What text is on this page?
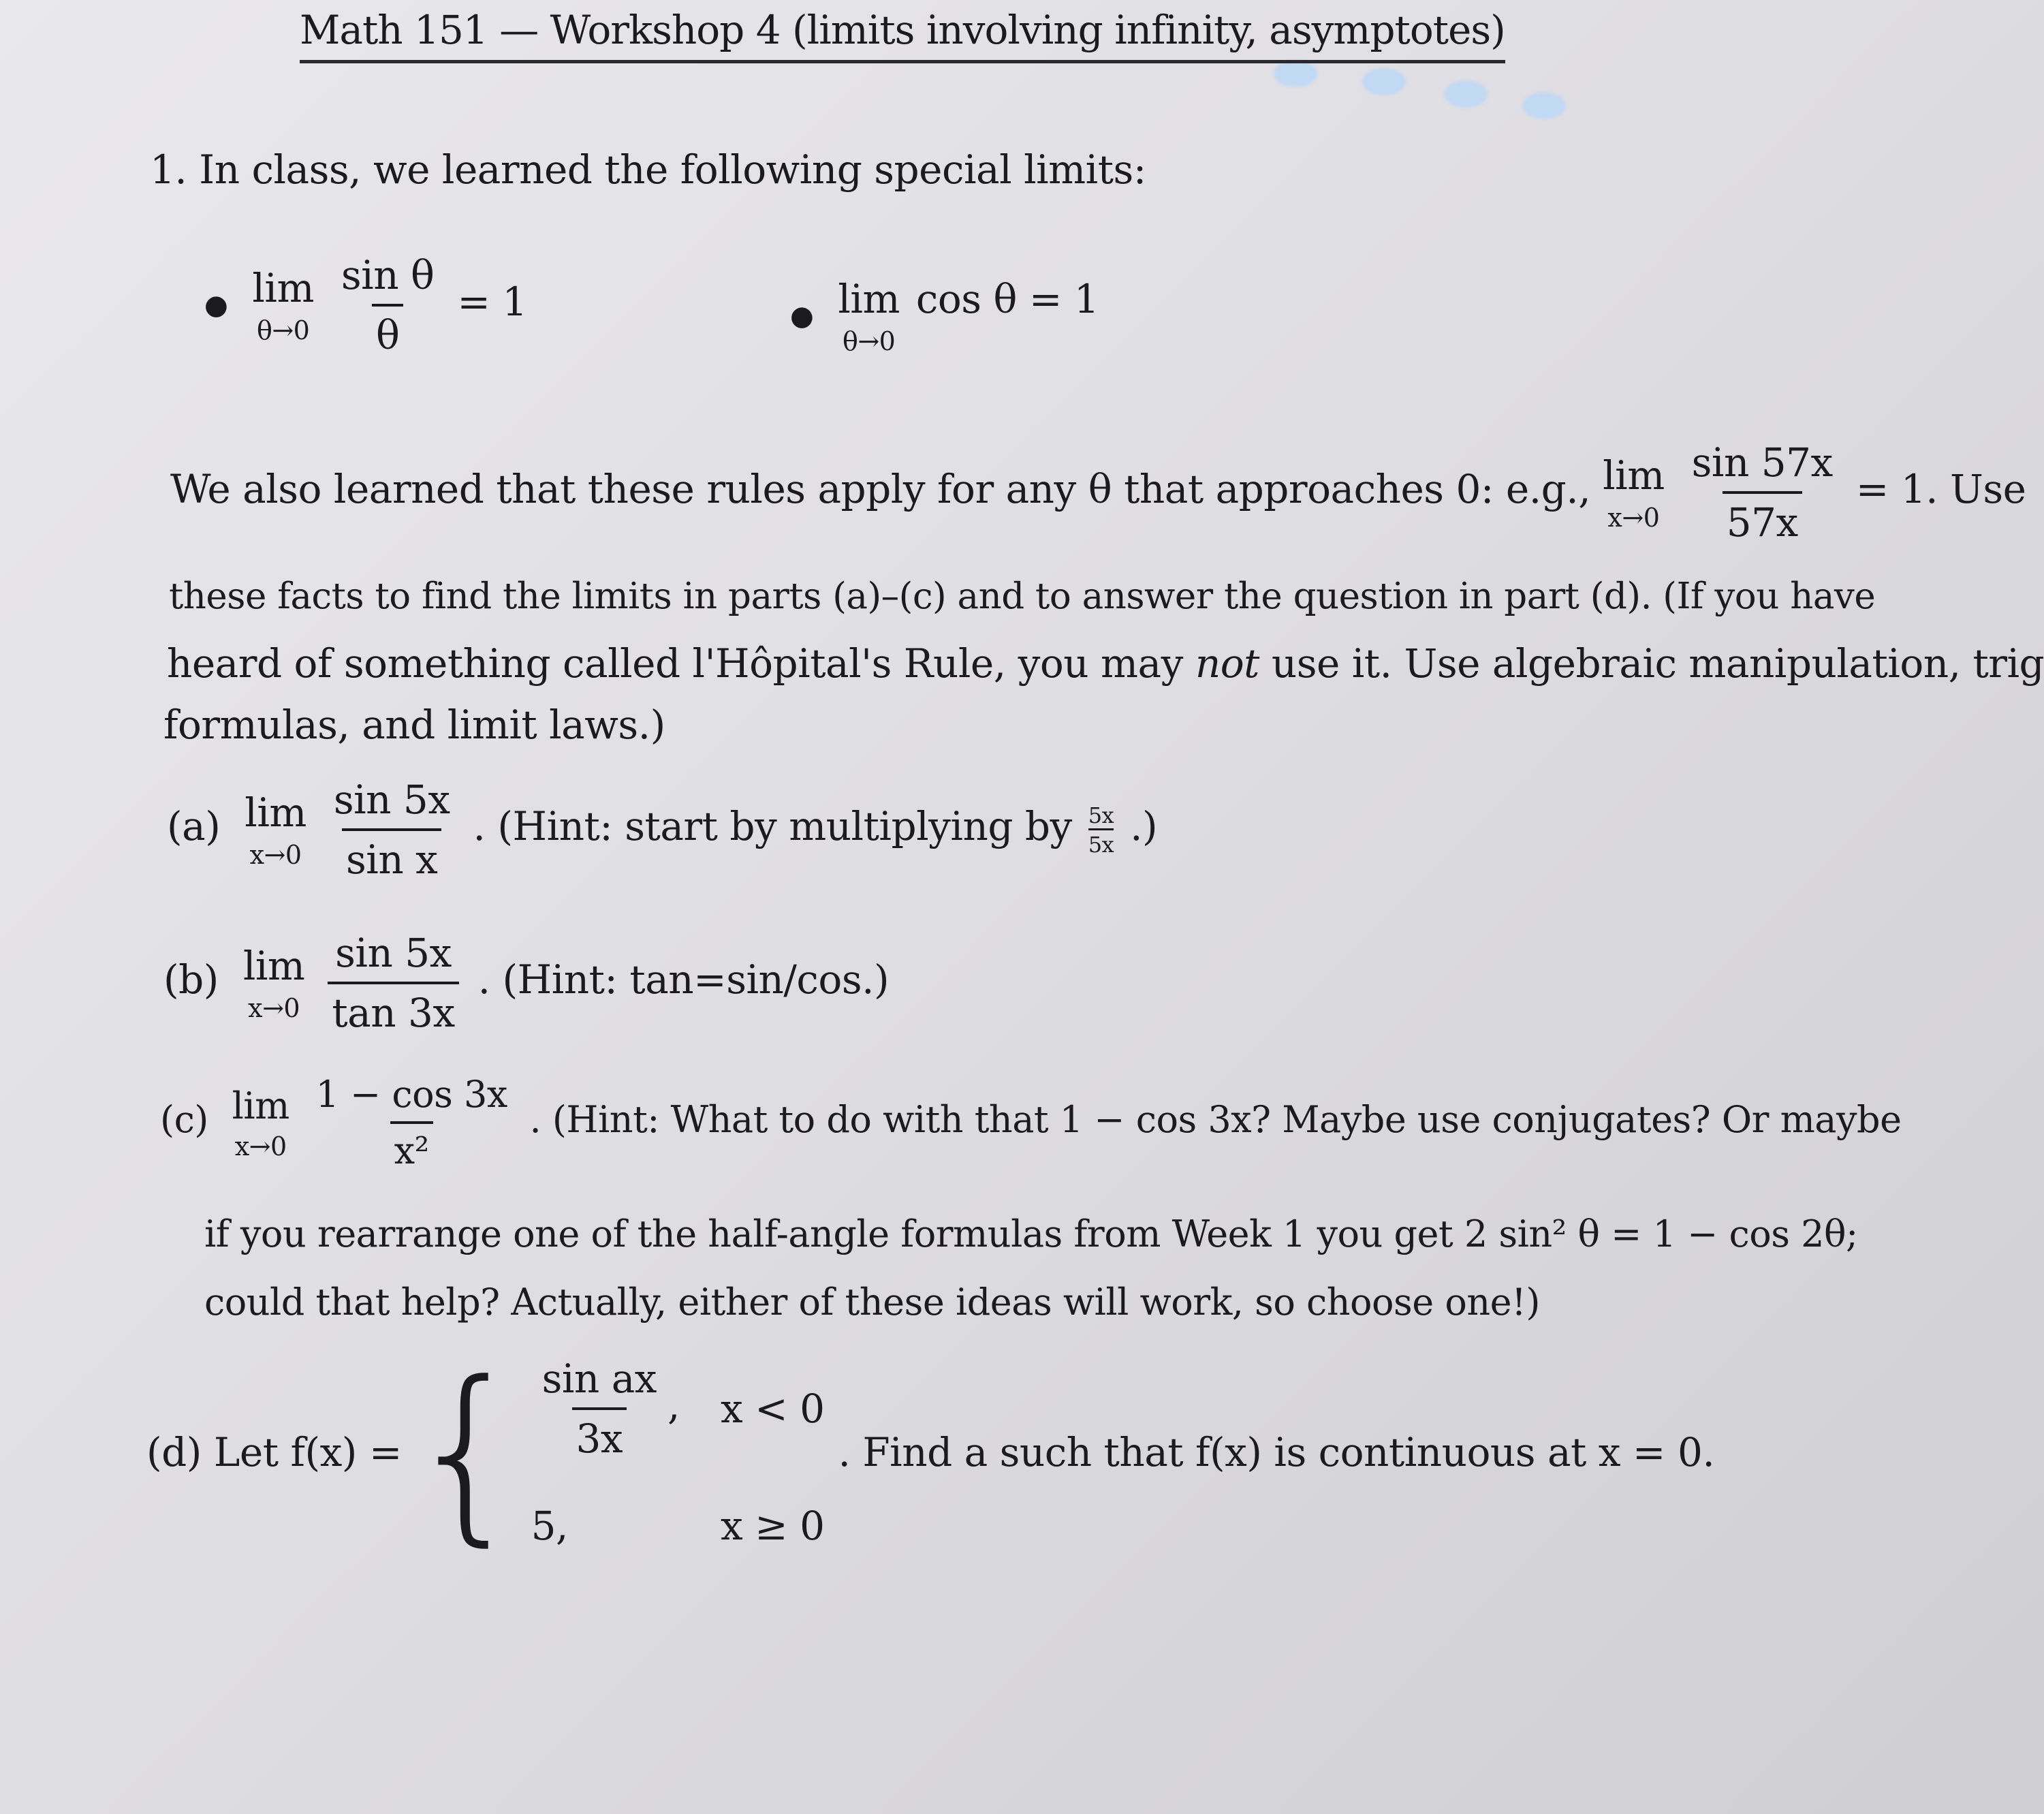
Math 151 — Workshop 4 (limits involving infinity, asymptotes)
1. In class, we learned the following special limits:
● lim
θ→0
$\frac{\text{sin θ}}{\theta} = 1$	● lim
θ→0
cos θ = 1
We also learned that these rules apply for any θ that approaches 0: e.g., lim
x→0
$\frac{\sin 57x}{57x} = 1$. Use
these facts to find the limits in parts (a)–(c) and to answer the question in part (d). (If you have
heard of something called l'Hôpital's Rule, you may not use it. Use algebraic manipulation, trig
formulas, and limit laws.)
(a) lim
x→0
$\frac{\sin 5x}{\text{sin x}}$ . (Hint: start by multiplying by $\frac{5x}{5x}$ .)
(b) lim
x→0
$\frac{\sin 5x}{\tan 3x}$ . (Hint: tan=sin/cos.)
(c) lim
x→0
$\frac{1 - \cos 3x}{\text{x²}}$ . (Hint: What to do with that 1 − cos 3x? Maybe use conjugates? Or maybe
if you rearrange one of the half-angle formulas from Week 1 you get 2 sin² θ = 1 − cos 2θ;
could that help? Actually, either of these ideas will work, so choose one!)
(d) Let f(x) = { $\frac{\text{sin ax}}{3x}$ , x < 0
5,	x ≥ 0
. Find a such that f(x) is continuous at x = 0.
